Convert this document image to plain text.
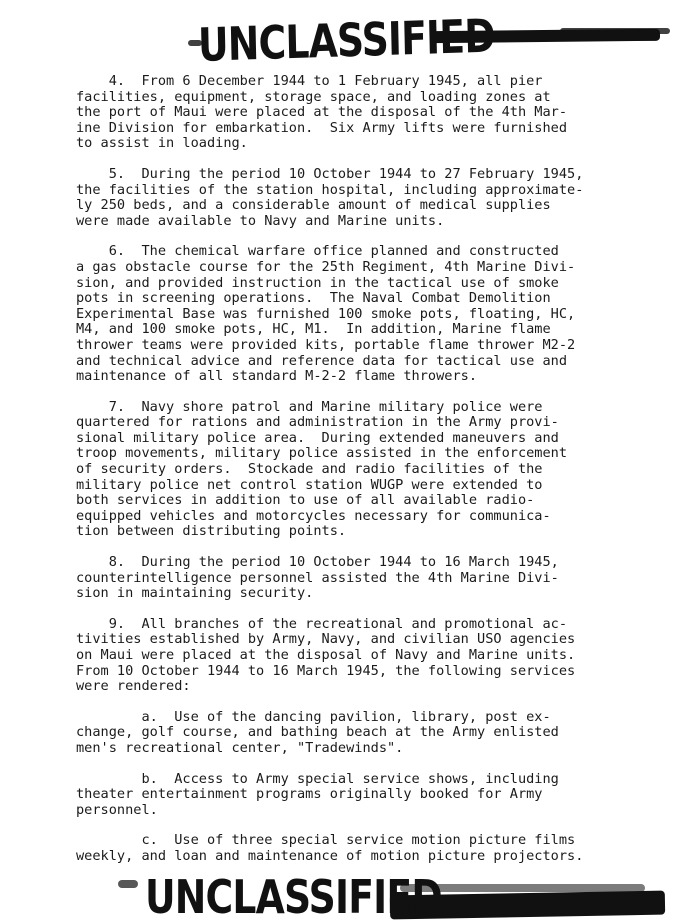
UNCLASSIFIED
4.  From 6 December 1944 to 1 February 1945, all pier
facilities, equipment, storage space, and loading zones at
the port of Maui were placed at the disposal of the 4th Mar-
ine Division for embarkation.  Six Army lifts were furnished
to assist in loading.
5.  During the period 10 October 1944 to 27 February 1945,
the facilities of the station hospital, including approximate-
ly 250 beds, and a considerable amount of medical supplies
were made available to Navy and Marine units.
6.  The chemical warfare office planned and constructed
a gas obstacle course for the 25th Regiment, 4th Marine Divi-
sion, and provided instruction in the tactical use of smoke
pots in screening operations.  The Naval Combat Demolition
Experimental Base was furnished 100 smoke pots, floating, HC,
M4, and 100 smoke pots, HC, M1.  In addition, Marine flame
thrower teams were provided kits, portable flame thrower M2-2
and technical advice and reference data for tactical use and
maintenance of all standard M-2-2 flame throwers.
7.  Navy shore patrol and Marine military police were
quartered for rations and administration in the Army provi-
sional military police area.  During extended maneuvers and
troop movements, military police assisted in the enforcement
of security orders.  Stockade and radio facilities of the
military police net control station WUGP were extended to
both services in addition to use of all available radio-
equipped vehicles and motorcycles necessary for communica-
tion between distributing points.
8.  During the period 10 October 1944 to 16 March 1945,
counterintelligence personnel assisted the 4th Marine Divi-
sion in maintaining security.
9.  All branches of the recreational and promotional ac-
tivities established by Army, Navy, and civilian USO agencies
on Maui were placed at the disposal of Navy and Marine units.
From 10 October 1944 to 16 March 1945, the following services
were rendered:
a.  Use of the dancing pavilion, library, post ex-
change, golf course, and bathing beach at the Army enlisted
men's recreational center, "Tradewinds".
b.  Access to Army special service shows, including
theater entertainment programs originally booked for Army
personnel.
c.  Use of three special service motion picture films
weekly, and loan and maintenance of motion picture projectors.
UNCLASSIFIED
